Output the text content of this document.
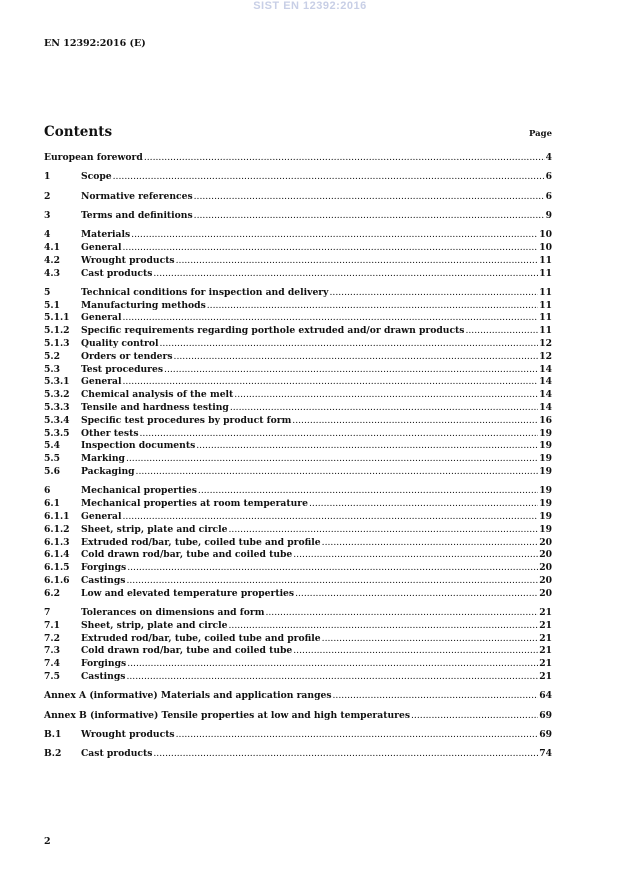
SIST EN 12392:2016
EN 12392:2016 (E)
Contents	Page
European foreword .....	4
1	Scope .....	6
2	Normative references .....	6
3	Terms and definitions .....	9
4	Materials .....	10
4.1	General .....	10
4.2	Wrought products .....	11
4.3	Cast products .....	11
5	Technical conditions for inspection and delivery .....	11
5.1	Manufacturing methods .....	11
5.1.1	General .....	11
5.1.2	Specific requirements regarding porthole extruded and/or drawn products .....	11
5.1.3	Quality control .....	12
5.2	Orders or tenders .....	12
5.3	Test procedures .....	14
5.3.1	General .....	14
5.3.2	Chemical analysis of the melt .....	14
5.3.3	Tensile and hardness testing .....	14
5.3.4	Specific test procedures by product form .....	16
5.3.5	Other tests .....	19
5.4	Inspection documents .....	19
5.5	Marking .....	19
5.6	Packaging .....	19
6	Mechanical properties .....	19
6.1	Mechanical properties at room temperature .....	19
6.1.1	General .....	19
6.1.2	Sheet, strip, plate and circle .....	19
6.1.3	Extruded rod/bar, tube, coiled tube and profile .....	20
6.1.4	Cold drawn rod/bar, tube and coiled tube .....	20
6.1.5	Forgings .....	20
6.1.6	Castings .....	20
6.2	Low and elevated temperature properties .....	20
7	Tolerances on dimensions and form .....	21
7.1	Sheet, strip, plate and circle .....	21
7.2	Extruded rod/bar, tube, coiled tube and profile .....	21
7.3	Cold drawn rod/bar, tube and coiled tube .....	21
7.4	Forgings .....	21
7.5	Castings .....	21
Annex A (informative) Materials and application ranges .....	64
Annex B (informative) Tensile properties at low and high temperatures .....	69
B.1	Wrought products .....	69
B.2	Cast products .....	74
2
